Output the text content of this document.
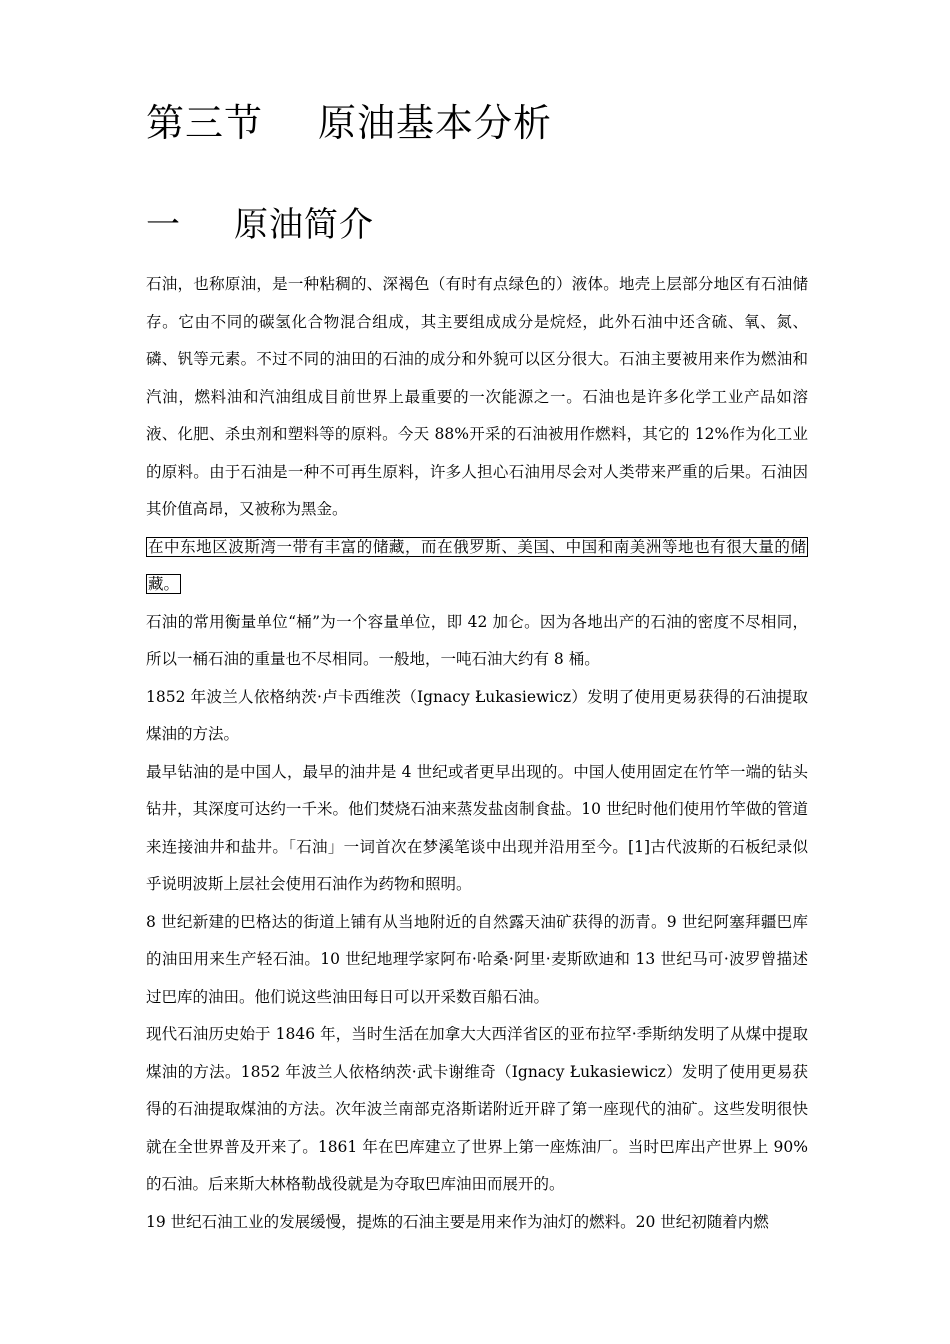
第三节 原油基本分析
一 原油简介

石油，也称原油，是一种粘稠的、深褐色（有时有点绿色的）液体。地壳上层部分地区有石油储存。它由不同的碳氢化合物混合组成，其主要组成成分是烷烃，此外石油中还含硫、氧、氮、磷、钒等元素。不过不同的油田的石油的成分和外貌可以区分很大。石油主要被用来作为燃油和汽油，燃料油和汽油组成目前世界上最重要的一次能源之一。石油也是许多化学工业产品如溶液、化肥、杀虫剂和塑料等的原料。今天 88%开采的石油被用作燃料，其它的 12%作为化工业的原料。由于石油是一种不可再生原料，许多人担心石油用尽会对人类带来严重的后果。石油因其价值高昂，又被称为黑金。

在中东地区波斯湾一带有丰富的储藏，而在俄罗斯、美国、中国和南美洲等地也有很大量的储藏。

石油的常用衡量单位“桶”为一个容量单位，即 42 加仑。因为各地出产的石油的密度不尽相同，所以一桶石油的重量也不尽相同。一般地，一吨石油大约有 8 桶。

1852 年波兰人依格纳茨·卢卡西维茨（Ignacy Łukasiewicz）发明了使用更易获得的石油提取煤油的方法。

最早钻油的是中国人，最早的油井是 4 世纪或者更早出现的。中国人使用固定在竹竿一端的钻头钻井，其深度可达约一千米。他们焚烧石油来蒸发盐卤制食盐。10 世纪时他们使用竹竿做的管道来连接油井和盐井。「石油」一词首次在梦溪笔谈中出现并沿用至今。[1]古代波斯的石板纪录似乎说明波斯上层社会使用石油作为药物和照明。

8 世纪新建的巴格达的街道上铺有从当地附近的自然露天油矿获得的沥青。9 世纪阿塞拜疆巴库的油田用来生产轻石油。10 世纪地理学家阿布·哈桑·阿里·麦斯欧迪和 13 世纪马可·波罗曾描述过巴库的油田。他们说这些油田每日可以开采数百船石油。

现代石油历史始于 1846 年，当时生活在加拿大大西洋省区的亚布拉罕·季斯纳发明了从煤中提取煤油的方法。1852 年波兰人依格纳茨·武卡谢维奇（Ignacy Łukasiewicz）发明了使用更易获得的石油提取煤油的方法。次年波兰南部克洛斯诺附近开辟了第一座现代的油矿。这些发明很快就在全世界普及开来了。1861 年在巴库建立了世界上第一座炼油厂。当时巴库出产世界上 90%的石油。后来斯大林格勒战役就是为夺取巴库油田而展开的。

19 世纪石油工业的发展缓慢，提炼的石油主要是用来作为油灯的燃料。20 世纪初随着内燃
